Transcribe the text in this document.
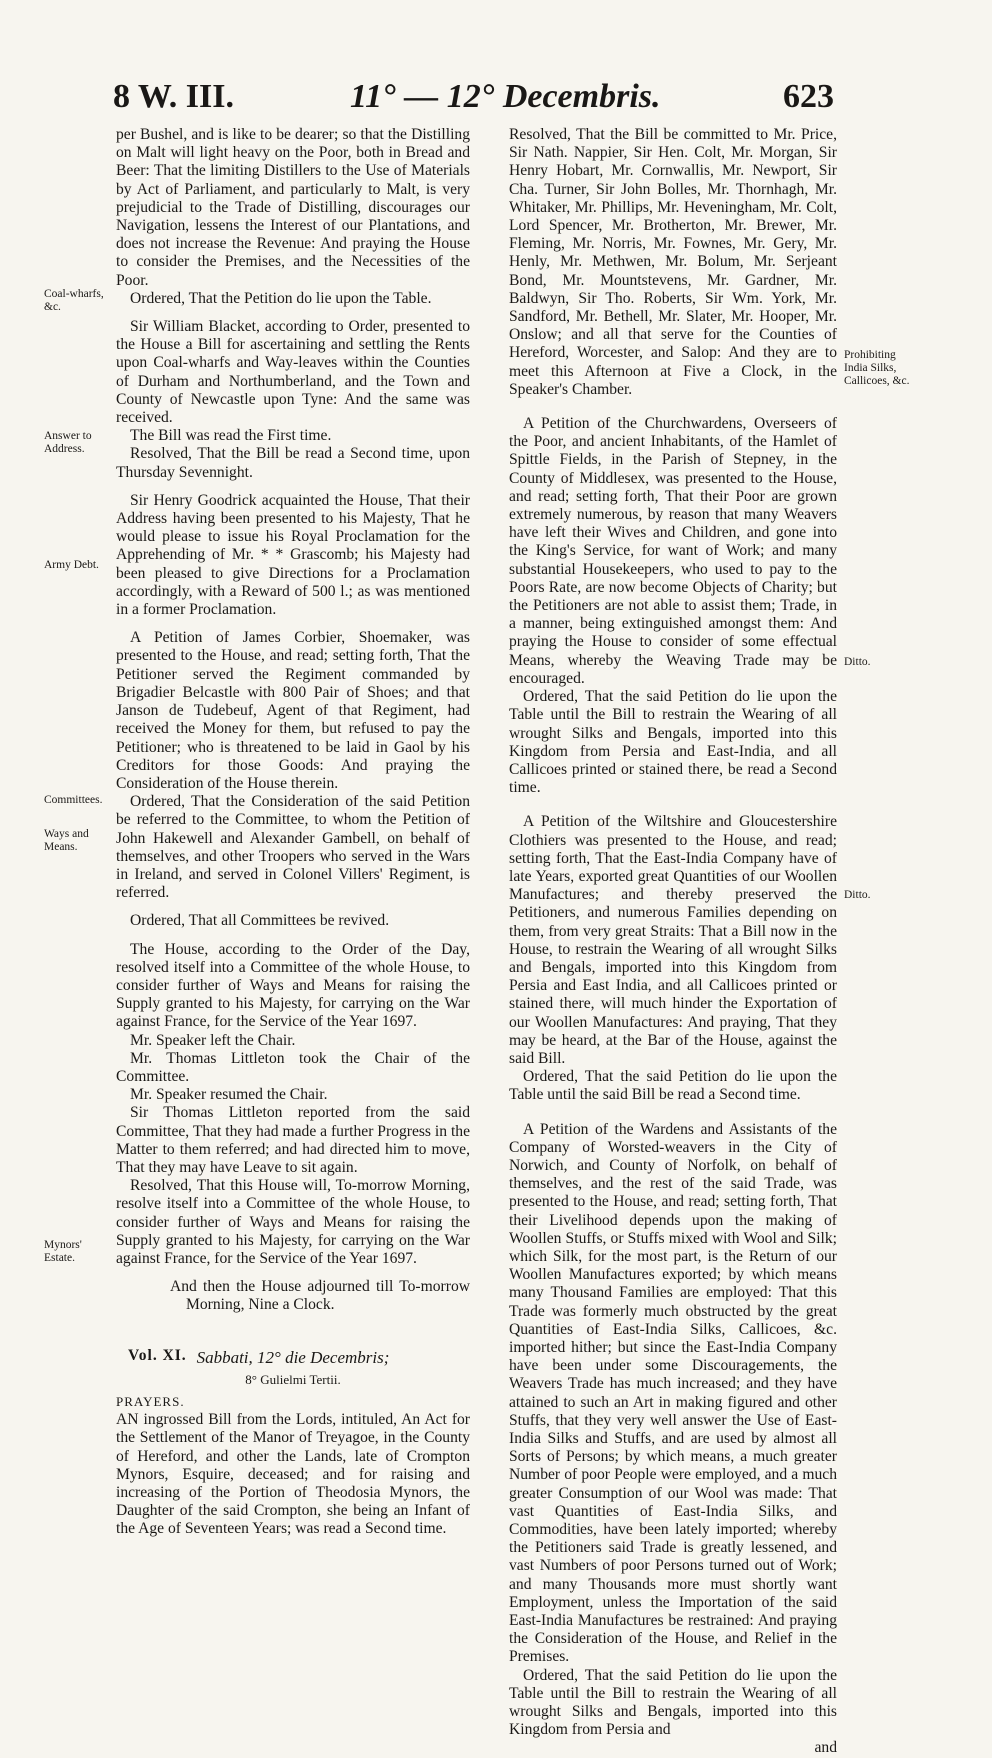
8 W. III.	11° — 12° Decembris.	623
Coal-wharfs, &c.
Answer to Address.
Army Debt.
Committees.
Ways and Means.
Mynors' Estate.
Prohibiting India Silks, Callicoes, &c.
Ditto.
Ditto.

per Bushel, and is like to be dearer; so that the Distilling on Malt will light heavy on the Poor, both in Bread and Beer: That the limiting Distillers to the Use of Materials by Act of Parliament, and particularly to Malt, is very prejudicial to the Trade of Distilling, discourages our Navigation, lessens the Interest of our Plantations, and does not increase the Revenue: And praying the House to consider the Premises, and the Necessities of the Poor.

Ordered, That the Petition do lie upon the Table.

Sir William Blacket, according to Order, presented to the House a Bill for ascertaining and settling the Rents upon Coal-wharfs and Way-leaves within the Counties of Durham and Northumberland, and the Town and County of Newcastle upon Tyne: And the same was received.

The Bill was read the First time.

Resolved, That the Bill be read a Second time, upon Thursday Sevennight.

Sir Henry Goodrick acquainted the House, That their Address having been presented to his Majesty, That he would please to issue his Royal Proclamation for the Apprehending of Mr. * * Grascomb; his Majesty had been pleased to give Directions for a Proclamation accordingly, with a Reward of 500 l.; as was mentioned in a former Proclamation.

A Petition of James Corbier, Shoemaker, was presented to the House, and read; setting forth, That the Petitioner served the Regiment commanded by Brigadier Belcastle with 800 Pair of Shoes; and that Janson de Tudebeuf, Agent of that Regiment, had received the Money for them, but refused to pay the Petitioner; who is threatened to be laid in Gaol by his Creditors for those Goods: And praying the Consideration of the House therein.

Ordered, That the Consideration of the said Petition be referred to the Committee, to whom the Petition of John Hakewell and Alexander Gambell, on behalf of themselves, and other Troopers who served in the Wars in Ireland, and served in Colonel Villers' Regiment, is referred.

Ordered, That all Committees be revived.

The House, according to the Order of the Day, resolved itself into a Committee of the whole House, to consider further of Ways and Means for raising the Supply granted to his Majesty, for carrying on the War against France, for the Service of the Year 1697.

Mr. Speaker left the Chair.

Mr. Thomas Littleton took the Chair of the Committee.

Mr. Speaker resumed the Chair.

Sir Thomas Littleton reported from the said Committee, That they had made a further Progress in the Matter to them referred; and had directed him to move, That they may have Leave to sit again.

Resolved, That this House will, To-morrow Morning, resolve itself into a Committee of the whole House, to consider further of Ways and Means for raising the Supply granted to his Majesty, for carrying on the War against France, for the Service of the Year 1697.

And then the House adjourned till To-morrow Morning, Nine a Clock.

Sabbati, 12° die Decembris;

8° Gulielmi Tertii.

PRAYERS.

AN ingrossed Bill from the Lords, intituled, An Act for the Settlement of the Manor of Treyagoe, in the County of Hereford, and other the Lands, late of Crompton Mynors, Esquire, deceased; and for raising and increasing of the Portion of Theodosia Mynors, the Daughter of the said Crompton, she being an Infant of the Age of Seventeen Years; was read a Second time.

Resolved, That the Bill be committed to Mr. Price, Sir Nath. Nappier, Sir Hen. Colt, Mr. Morgan, Sir Henry Hobart, Mr. Cornwallis, Mr. Newport, Sir Cha. Turner, Sir John Bolles, Mr. Thornhagh, Mr. Whitaker, Mr. Phillips, Mr. Heveningham, Mr. Colt, Lord Spencer, Mr. Brotherton, Mr. Brewer, Mr. Fleming, Mr. Norris, Mr. Fownes, Mr. Gery, Mr. Henly, Mr. Methwen, Mr. Bolum, Mr. Serjeant Bond, Mr. Mountstevens, Mr. Gardner, Mr. Baldwyn, Sir Tho. Roberts, Sir Wm. York, Mr. Sandford, Mr. Bethell, Mr. Slater, Mr. Hooper, Mr. Onslow; and all that serve for the Counties of Hereford, Worcester, and Salop: And they are to meet this Afternoon at Five a Clock, in the Speaker's Chamber.

A Petition of the Churchwardens, Overseers of the Poor, and ancient Inhabitants, of the Hamlet of Spittle Fields, in the Parish of Stepney, in the County of Middlesex, was presented to the House, and read; setting forth, That their Poor are grown extremely numerous, by reason that many Weavers have left their Wives and Children, and gone into the King's Service, for want of Work; and many substantial Housekeepers, who used to pay to the Poors Rate, are now become Objects of Charity; but the Petitioners are not able to assist them; Trade, in a manner, being extinguished amongst them: And praying the House to consider of some effectual Means, whereby the Weaving Trade may be encouraged.

Ordered, That the said Petition do lie upon the Table until the Bill to restrain the Wearing of all wrought Silks and Bengals, imported into this Kingdom from Persia and East-India, and all Callicoes printed or stained there, be read a Second time.

A Petition of the Wiltshire and Gloucestershire Clothiers was presented to the House, and read; setting forth, That the East-India Company have of late Years, exported great Quantities of our Woollen Manufactures; and thereby preserved the Petitioners, and numerous Families depending on them, from very great Straits: That a Bill now in the House, to restrain the Wearing of all wrought Silks and Bengals, imported into this Kingdom from Persia and East India, and all Callicoes printed or stained there, will much hinder the Exportation of our Woollen Manufactures: And praying, That they may be heard, at the Bar of the House, against the said Bill.

Ordered, That the said Petition do lie upon the Table until the said Bill be read a Second time.

A Petition of the Wardens and Assistants of the Company of Worsted-weavers in the City of Norwich, and County of Norfolk, on behalf of themselves, and the rest of the said Trade, was presented to the House, and read; setting forth, That their Livelihood depends upon the making of Woollen Stuffs, or Stuffs mixed with Wool and Silk; which Silk, for the most part, is the Return of our Woollen Manufactures exported; by which means many Thousand Families are employed: That this Trade was formerly much obstructed by the great Quantities of East-India Silks, Callicoes, &c. imported hither; but since the East-India Company have been under some Discouragements, the Weavers Trade has much increased; and they have attained to such an Art in making figured and other Stuffs, that they very well answer the Use of East-India Silks and Stuffs, and are used by almost all Sorts of Persons; by which means, a much greater Number of poor People were employed, and a much greater Consumption of our Wool was made: That vast Quantities of East-India Silks, and Commodities, have been lately imported; whereby the Petitioners said Trade is greatly lessened, and vast Numbers of poor Persons turned out of Work; and many Thousands more must shortly want Employment, unless the Importation of the said East-India Manufactures be restrained: And praying the Consideration of the House, and Relief in the Premises.

Ordered, That the said Petition do lie upon the Table until the Bill to restrain the Wearing of all wrought Silks and Bengals, imported into this Kingdom from Persia and

and

Vol. XI.
